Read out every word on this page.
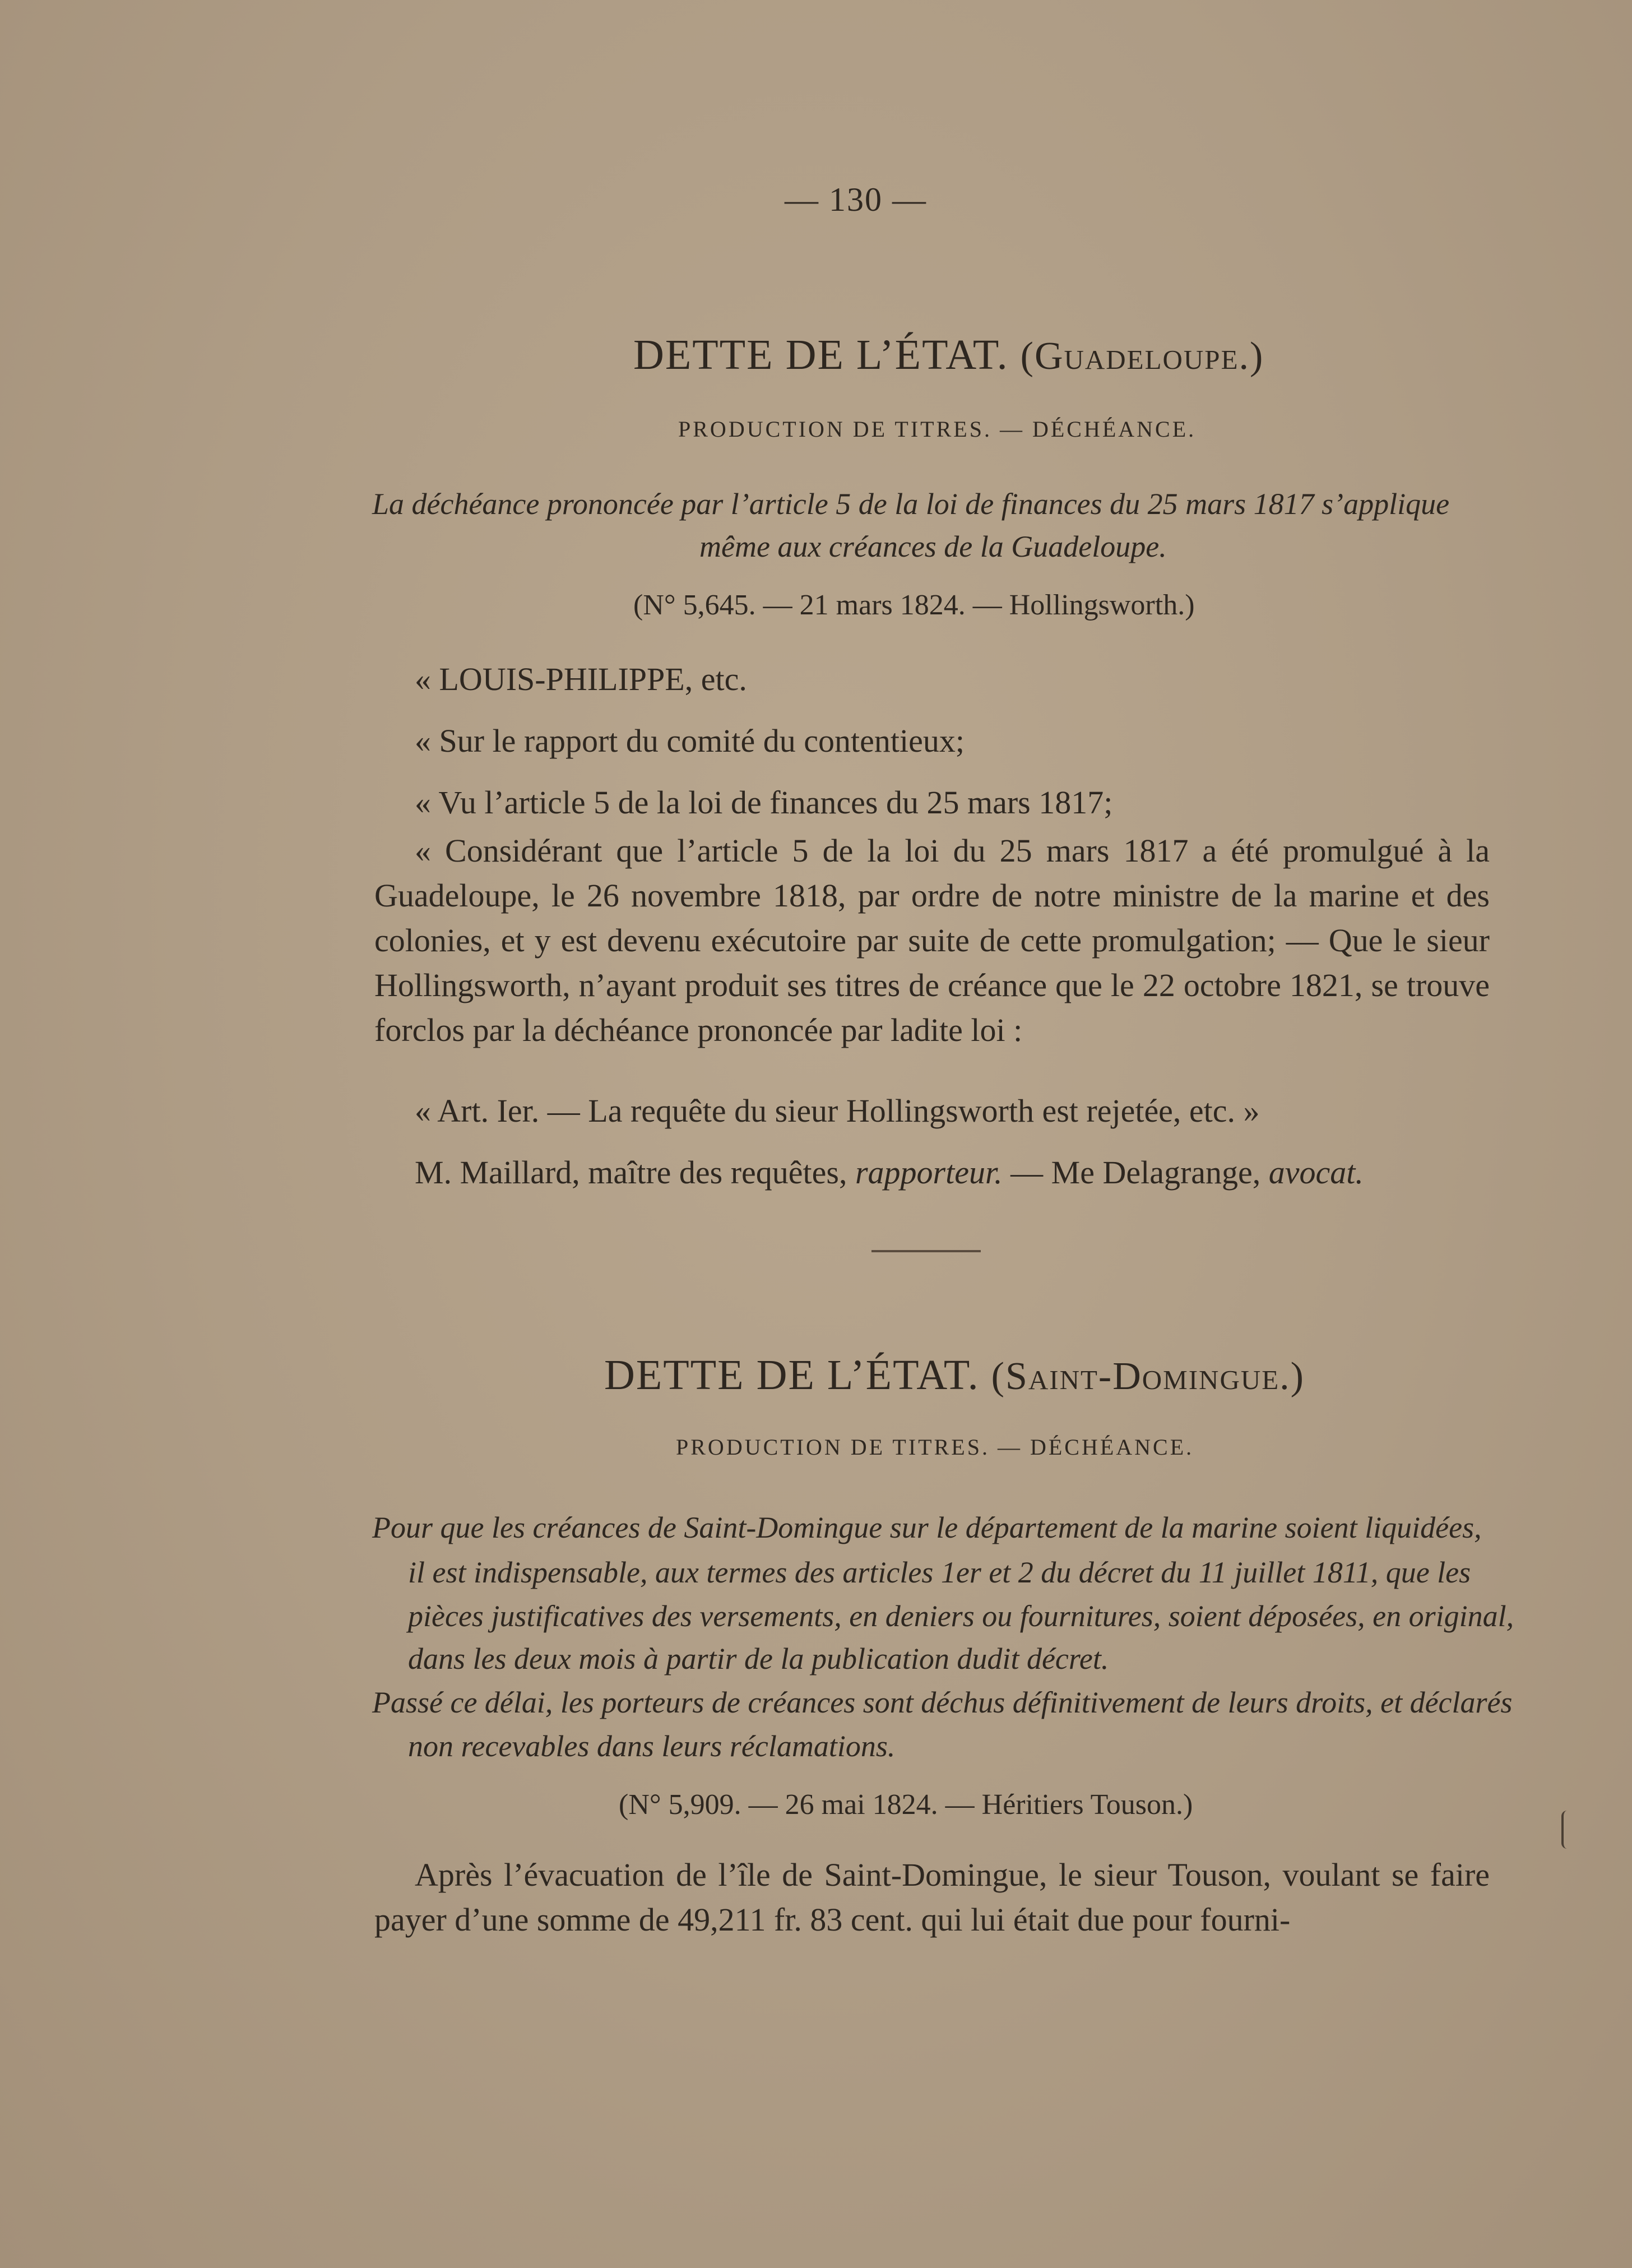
— 130 —
DETTE DE L’ÉTAT. (Guadeloupe.)
PRODUCTION DE TITRES. — DÉCHÉANCE.
La déchéance prononcée par l’article 5 de la loi de finances du 25 mars 1817 s’applique
même aux créances de la Guadeloupe.
(N° 5,645. — 21 mars 1824. — Hollingsworth.)
« LOUIS-PHILIPPE, etc.
« Sur le rapport du comité du contentieux;
« Vu l’article 5 de la loi de finances du 25 mars 1817;
« Considérant que l’article 5 de la loi du 25 mars 1817 a été promulgué à la Guadeloupe, le 26 novembre 1818, par ordre de notre ministre de la marine et des colonies, et y est devenu exécutoire par suite de cette promulgation; — Que le sieur Hollingsworth, n’ayant produit ses titres de créance que le 22 octobre 1821, se trouve forclos par la déchéance prononcée par ladite loi :
« Art. Ier. — La requête du sieur Hollingsworth est rejetée, etc. »
M. Maillard, maître des requêtes, rapporteur. — Me Delagrange, avocat.
DETTE DE L’ÉTAT. (Saint-Domingue.)
PRODUCTION DE TITRES. — DÉCHÉANCE.
Pour que les créances de Saint-Domingue sur le département de la marine soient liquidées,
il est indispensable, aux termes des articles 1er et 2 du décret du 11 juillet 1811, que les
pièces justificatives des versements, en deniers ou fournitures, soient déposées, en original,
dans les deux mois à partir de la publication dudit décret.
Passé ce délai, les porteurs de créances sont déchus définitivement de leurs droits, et déclarés
non recevables dans leurs réclamations.
(N° 5,909. — 26 mai 1824. — Héritiers Touson.)
Après l’évacuation de l’île de Saint-Domingue, le sieur Touson, voulant se faire payer d’une somme de 49,211 fr. 83 cent. qui lui était due pour fourni-
